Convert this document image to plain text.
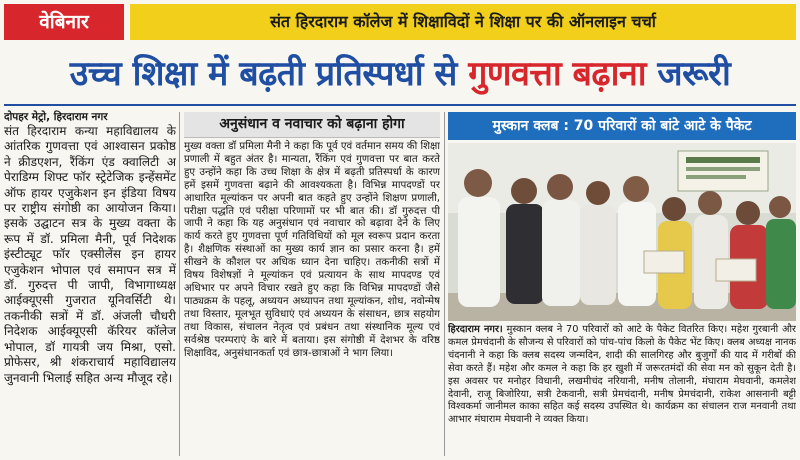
वेबिनार	संत हिरदाराम कॉलेज में शिक्षाविदों ने शिक्षा पर की ऑनलाइन चर्चा
उच्च शिक्षा में बढ़ती प्रतिस्पर्धा से गुणवत्ता बढ़ाना जरूरी
दोपहर मेट्रो, हिरदाराम नगर

संत हिरदाराम कन्या महाविद्यालय के आंतरिक गुणवत्ता एवं आश्वासन प्रकोष्ठ ने क्रीडएशन, रैंकिंग एंड क्वालिटी अ पेराडिग्म शिफ्ट फॉर स्ट्रेटेजिक इन्हेंसमेंट ऑफ हायर एजुकेशन इन इंडिया विषय पर राष्ट्रीय संगोष्ठी का आयोजन किया। इसके उद्घाटन सत्र के मुख्य वक्ता के रूप में डॉ. प्रमिला मैनी, पूर्व निदेशक इंस्टीट्यूट फॉर एक्सीलेंस इन हायर एजुकेशन भोपाल एवं समापन सत्र में डॉ. गुरुदत्त पी जापी, विभागाध्यक्ष आईक्यूएसी गुजरात यूनिवर्सिटी थे। तकनीकी सत्रों में डॉ. अंजली चौधरी निदेशक आईक्यूएसी कॅरियर कॉलेज भोपाल, डॉ गायत्री जय मिश्रा, एसो. प्रोफेसर, श्री शंकराचार्य महाविद्यालय जुनवानी भिलाई सहित अन्य मौजूद रहे।

अनुसंधान व नवाचार को बढ़ाना होगा

मुख्य वक्ता डॉ प्रमिला मैनी ने कहा कि पूर्व एवं वर्तमान समय की शिक्षा प्रणाली में बहुत अंतर है। मान्यता, रैंकिंग एवं गुणवत्ता पर बात करते हुए उन्होंने कहा कि उच्च शिक्षा के क्षेत्र में बढ़ती प्रतिस्पर्धा के कारण हमें इसमें गुणवत्ता बढ़ाने की आवश्यकता है। विभिन्न मापदण्डों पर आधारित मूल्यांकन पर अपनी बात कहते हुए उन्होंने शिक्षण प्रणाली, परीक्षा पद्धति एवं परीक्षा परिणामों पर भी बात की। डॉ गुरुदत्त पी जापी ने कहा कि यह अनुसंधान एवं नवाचार को बढ़ावा देने के लिए कार्य करते हुए गुणवत्ता पूर्ण गतिविधियों को मूल स्वरूप प्रदान करता है। शैक्षणिक संस्थाओं का मुख्य कार्य ज्ञान का प्रसार करना है। हमें सीखने के कौशल पर अधिक ध्यान देना चाहिए। तकनीकी सत्रों में विषय विशेषज्ञों ने मूल्यांकन एवं प्रत्यायन के साथ मापदण्ड एवं अधिभार पर अपने विचार रखते हुए कहा कि विभिन्न मापदण्डों जैसे पाठ्यक्रम के पहलू, अध्ययन अध्यापन तथा मूल्यांकन, शोध, नवोन्मेष तथा विस्तार, मूलभूत सुविधाएं एवं अध्ययन के संसाधन, छात्र सहयोग तथा विकास, संचालन नेतृत्व एवं प्रबंधन तथा संस्थानिक मूल्य एवं सर्वश्रेष्ठ परम्पराएं के बारे में बताया। इस संगोष्ठी में देशभर के वरिष्ठ शिक्षाविद, अनुसंधानकर्ता एवं छात्र-छात्राओं ने भाग लिया।

मुस्कान क्लब : 70 परिवारों को बांटे आटे के पैकेट

हिरदाराम नगर। मुस्कान क्लब ने 70 परिवारों को आटे के पैकेट वितरित किए। महेश गुरबानी और कमल प्रेमचंदानी के सौजन्य से परिवारों को पांच-पांच किलो के पैकेट भेंट किए। क्लब अध्यक्ष नानक चंदनानी ने कहा कि क्लब सदस्य जन्मदिन, शादी की सालगिरह और बुजुर्गों की याद में गरीबों की सेवा करते हैं। महेश और कमल ने कहा कि हर खुशी में जरूरतमंदों की सेवा मन को सुकून देती है। इस अवसर पर मनोहर विधानी, लखमीचंद नरियानी, मनीष तोलानी, मंघाराम मेघवानी, कमलेश देवानी, राजू बिजोरिया, सत्री टेकवानी, सत्री प्रेमचंदानी, मनीष प्रेमचंदानी, राकेश आसनानी बट्टी विश्वकर्मा जानीमल काका सहित कई सदस्य उपस्थित थे। कार्यक्रम का संचालन राज मनवानी तथा आभार मंघाराम मेघवानी ने व्यक्त किया।
